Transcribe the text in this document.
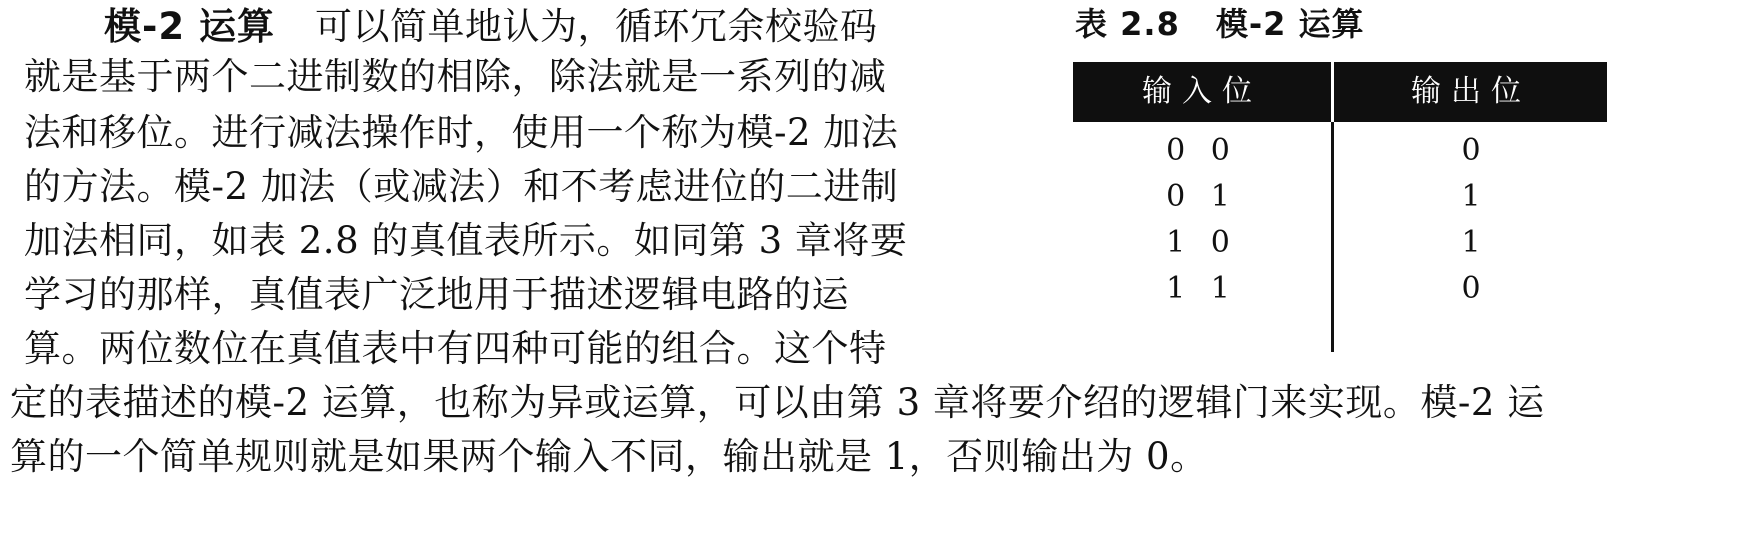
模-2 运算 可以简单地认为，循环冗余校验码
就是基于两个二进制数的相除，除法就是一系列的减
法和移位。进行减法操作时，使用一个称为模-2 加法
的方法。模-2 加法（或减法）和不考虑进位的二进制
加法相同，如表 2.8 的真值表所示。如同第 3 章将要
学习的那样，真值表广泛地用于描述逻辑电路的运
算。两位数位在真值表中有四种可能的组合。这个特
定的表描述的模-2 运算，也称为异或运算，可以由第 3 章将要介绍的逻辑门来实现。模-2 运
算的一个简单规则就是如果两个输入不同，输出就是 1，否则输出为 0。
表 2.8 模-2 运算
输入位	输出位
0 0	0
0 1	1
1 0	1
1 1	0
